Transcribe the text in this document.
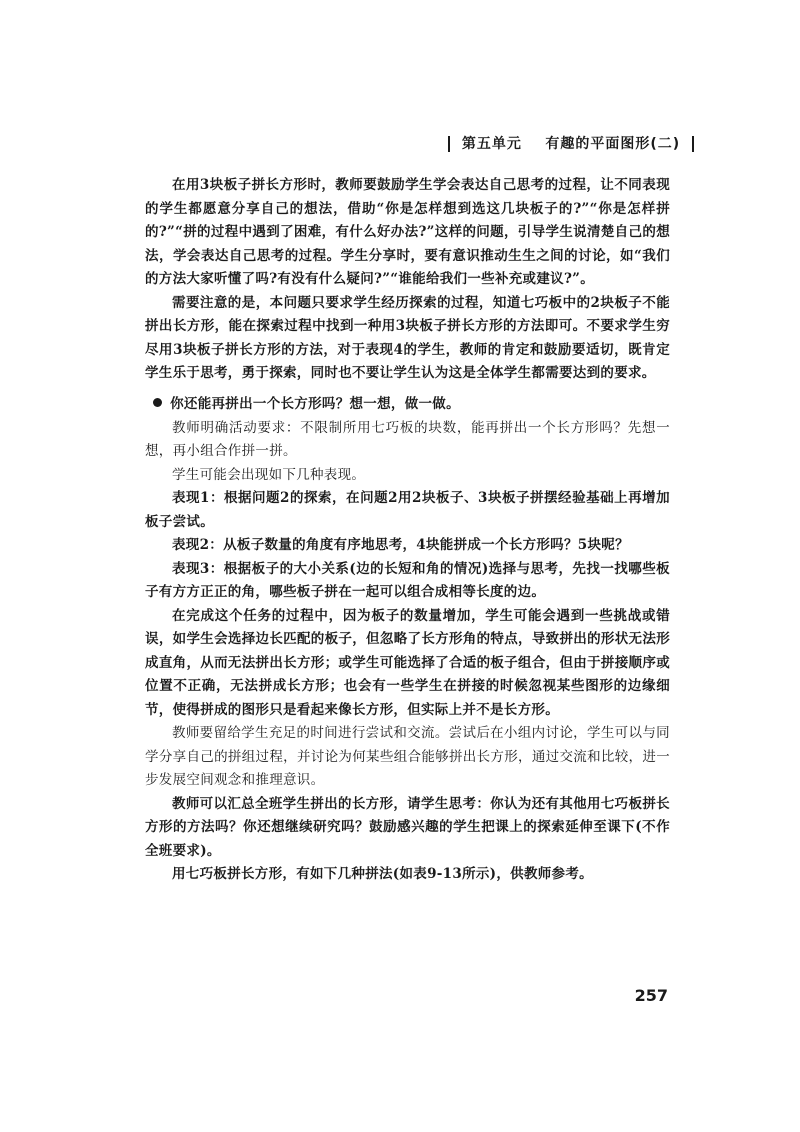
第五单元 有趣的平面图形(二)

在用3块板子拼长方形时，教师要鼓励学生学会表达自己思考的过程，让不同表现的学生都愿意分享自己的想法，借助“你是怎样想到选这几块板子的?”“你是怎样拼的?”“拼的过程中遇到了困难，有什么好办法?”这样的问题，引导学生说清楚自己的想法，学会表达自己思考的过程。学生分享时，要有意识推动生生之间的讨论，如“我们的方法大家听懂了吗?有没有什么疑问?”“谁能给我们一些补充或建议?”。

需要注意的是，本问题只要求学生经历探索的过程，知道七巧板中的2块板子不能拼出长方形，能在探索过程中找到一种用3块板子拼长方形的方法即可。不要求学生穷尽用3块板子拼长方形的方法，对于表现4的学生，教师的肯定和鼓励要适切，既肯定学生乐于思考，勇于探索，同时也不要让学生认为这是全体学生都需要达到的要求。

你还能再拼出一个长方形吗？想一想，做一做。

教师明确活动要求：不限制所用七巧板的块数，能再拼出一个长方形吗？先想一想，再小组合作拼一拼。

学生可能会出现如下几种表现。

表现1：根据问题2的探索，在问题2用2块板子、3块板子拼摆经验基础上再增加板子尝试。

表现2：从板子数量的角度有序地思考，4块能拼成一个长方形吗？5块呢？

表现3：根据板子的大小关系(边的长短和角的情况)选择与思考，先找一找哪些板子有方方正正的角，哪些板子拼在一起可以组合成相等长度的边。

在完成这个任务的过程中，因为板子的数量增加，学生可能会遇到一些挑战或错误，如学生会选择边长匹配的板子，但忽略了长方形角的特点，导致拼出的形状无法形成直角，从而无法拼出长方形；或学生可能选择了合适的板子组合，但由于拼接顺序或位置不正确，无法拼成长方形；也会有一些学生在拼接的时候忽视某些图形的边缘细节，使得拼成的图形只是看起来像长方形，但实际上并不是长方形。

教师要留给学生充足的时间进行尝试和交流。尝试后在小组内讨论，学生可以与同学分享自己的拼组过程，并讨论为何某些组合能够拼出长方形，通过交流和比较，进一步发展空间观念和推理意识。

教师可以汇总全班学生拼出的长方形，请学生思考：你认为还有其他用七巧板拼长方形的方法吗？你还想继续研究吗？鼓励感兴趣的学生把课上的探索延伸至课下(不作全班要求)。

用七巧板拼长方形，有如下几种拼法(如表9-13所示)，供教师参考。

257
